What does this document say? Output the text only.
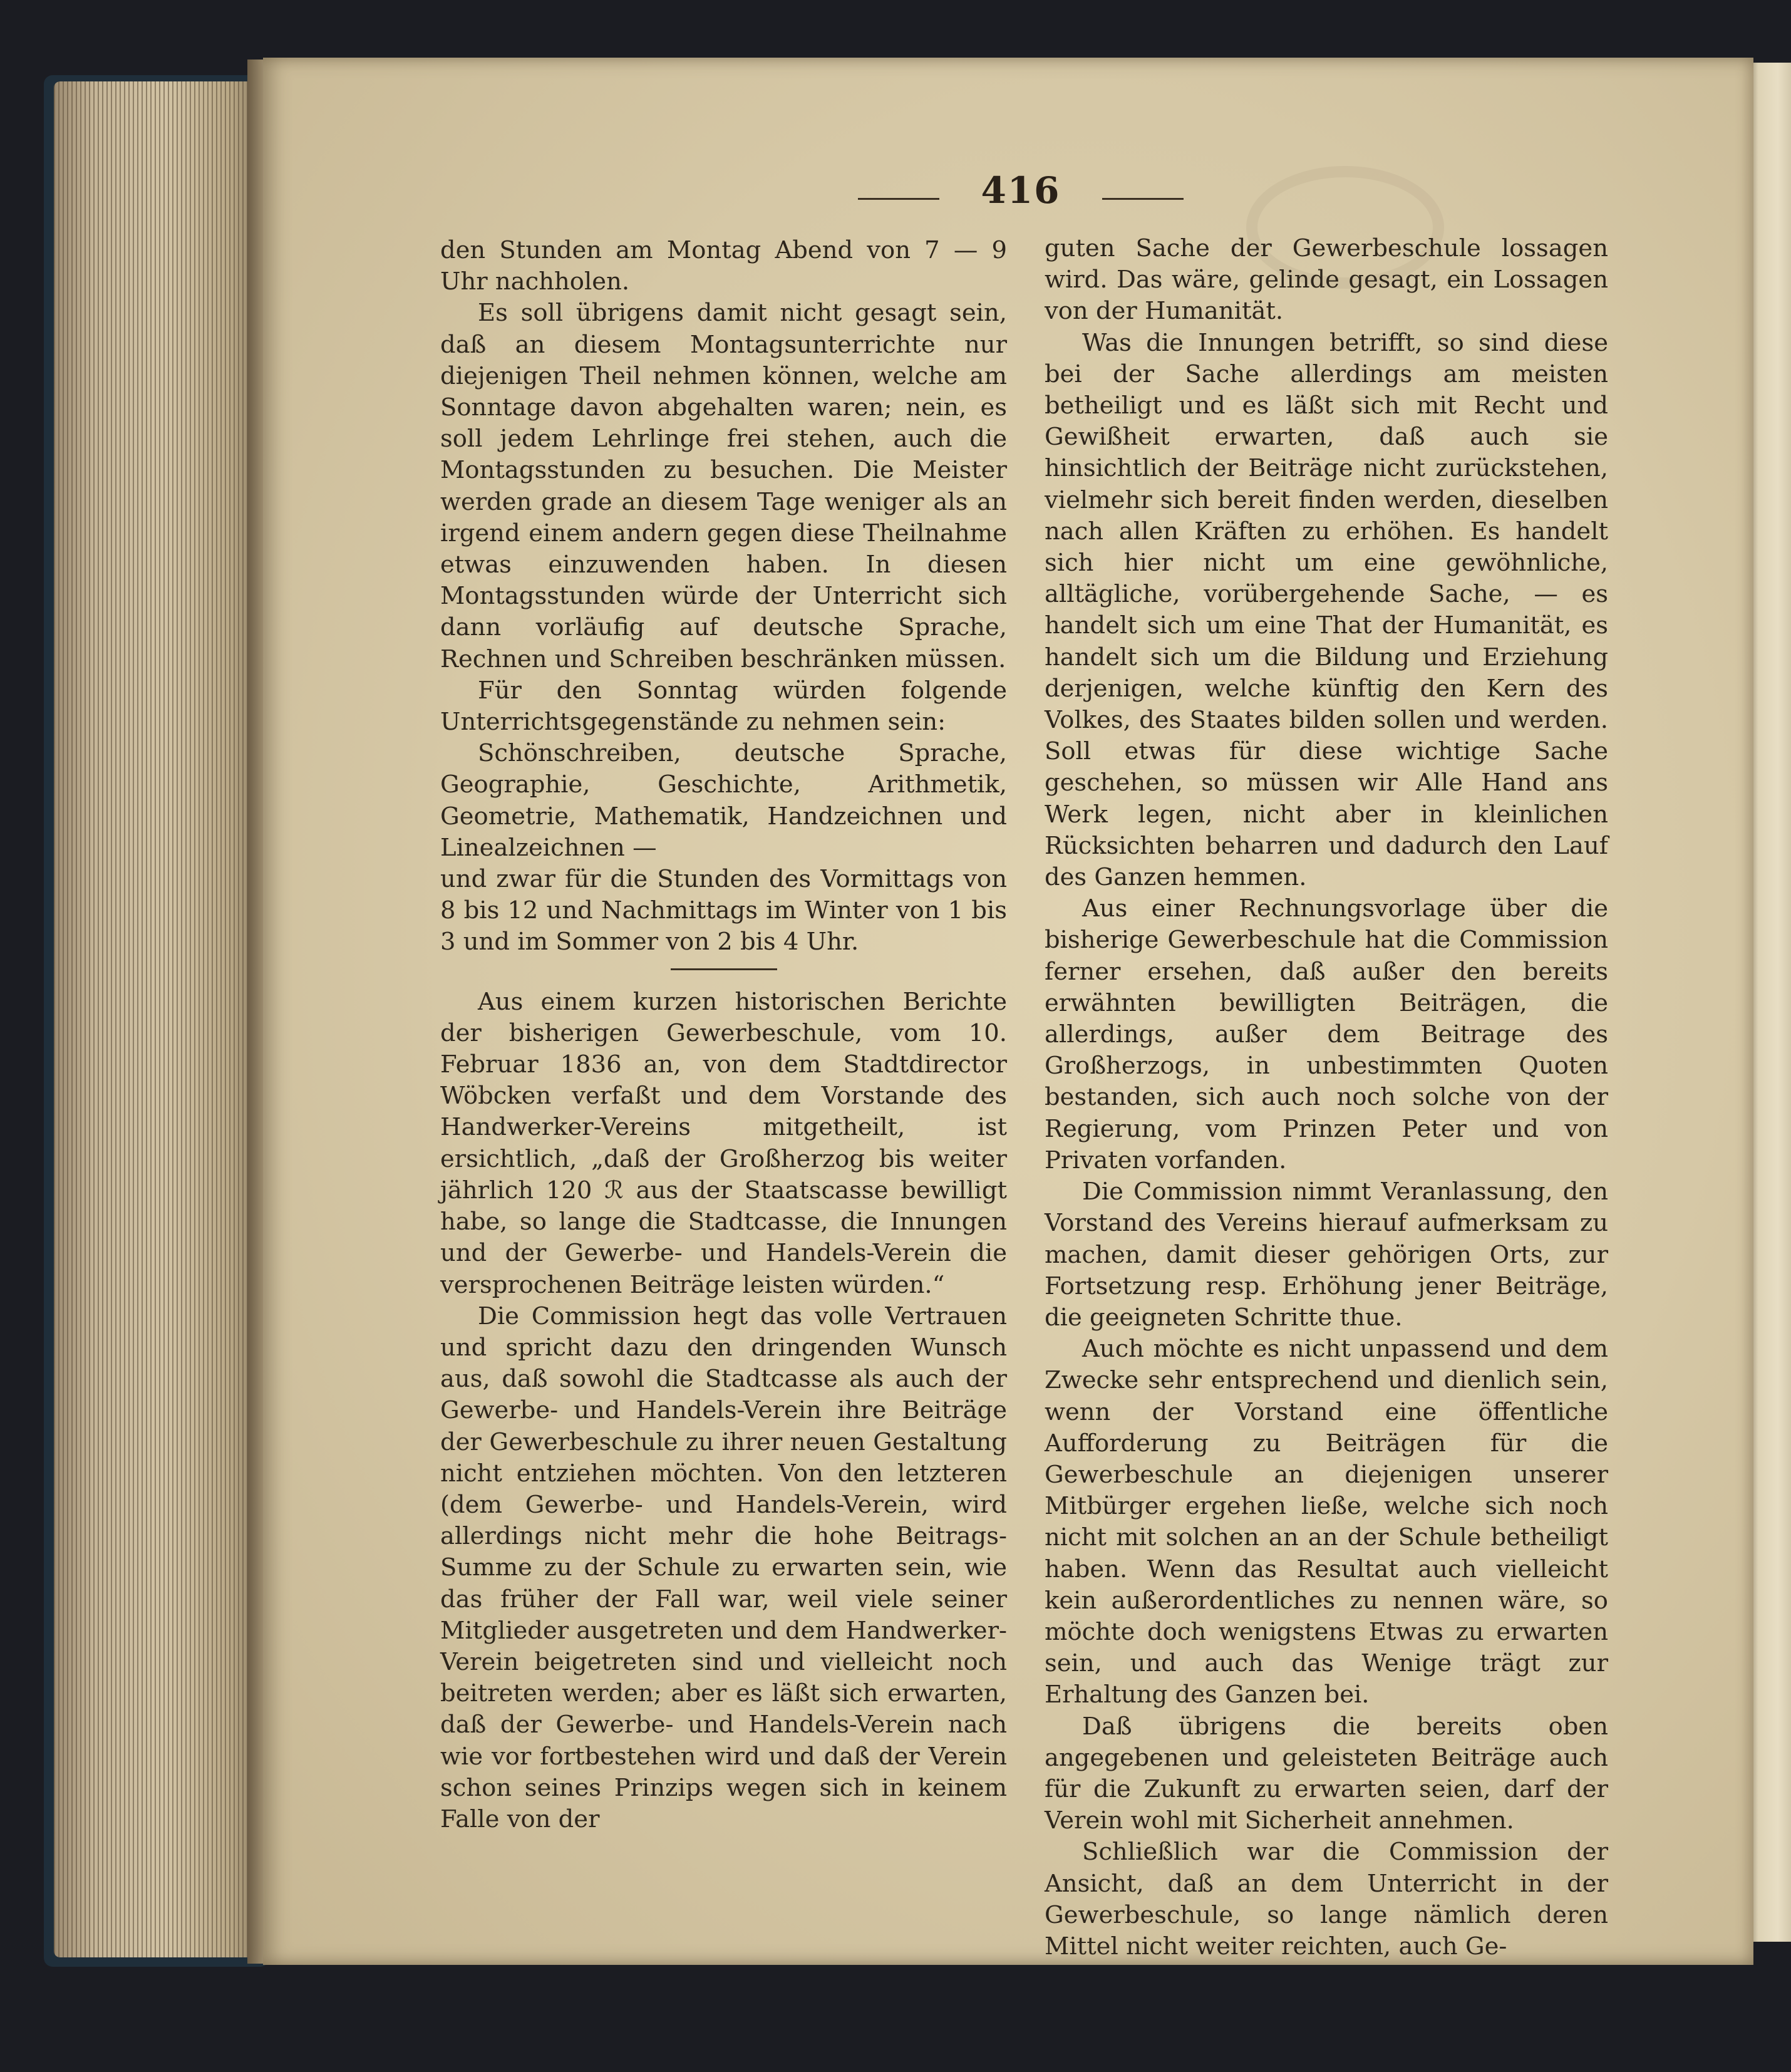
416

den Stunden am Montag Abend von 7 — 9 Uhr nachholen.

Es soll übrigens damit nicht gesagt sein, daß an diesem Montagsunterrichte nur diejenigen Theil nehmen können, welche am Sonntage davon abgehalten waren; nein, es soll jedem Lehrlinge frei stehen, auch die Montagsstunden zu besuchen. Die Meister werden grade an diesem Tage weniger als an irgend einem andern gegen diese Theilnahme etwas einzuwenden haben. In diesen Montagsstunden würde der Unterricht sich dann vorläufig auf deutsche Sprache, Rechnen und Schreiben beschränken müssen.

Für den Sonntag würden folgende Unterrichtsgegenstände zu nehmen sein:

Schönschreiben, deutsche Sprache, Geographie, Geschichte, Arithmetik, Geometrie, Mathematik, Handzeichnen und Linealzeichnen —

und zwar für die Stunden des Vormittags von 8 bis 12 und Nachmittags im Winter von 1 bis 3 und im Sommer von 2 bis 4 Uhr.

Aus einem kurzen historischen Berichte der bisherigen Gewerbeschule, vom 10. Februar 1836 an, von dem Stadtdirector Wöbcken verfaßt und dem Vorstande des Handwerker-Vereins mitgetheilt, ist ersichtlich, „daß der Großherzog bis weiter jährlich 120 ℛ aus der Staatscasse bewilligt habe, so lange die Stadtcasse, die Innungen und der Gewerbe- und Handels-Verein die versprochenen Beiträge leisten würden.“

Die Commission hegt das volle Vertrauen und spricht dazu den dringenden Wunsch aus, daß sowohl die Stadtcasse als auch der Gewerbe- und Handels-Verein ihre Beiträge der Gewerbeschule zu ihrer neuen Gestaltung nicht entziehen möchten. Von den letzteren (dem Gewerbe- und Handels-Verein, wird allerdings nicht mehr die hohe Beitrags-Summe zu der Schule zu erwarten sein, wie das früher der Fall war, weil viele seiner Mitglieder ausgetreten und dem Handwerker-Verein beigetreten sind und vielleicht noch beitreten werden; aber es läßt sich erwarten, daß der Gewerbe- und Handels-Verein nach wie vor fortbestehen wird und daß der Verein schon seines Prinzips wegen sich in keinem Falle von der

guten Sache der Gewerbeschule lossagen wird. Das wäre, gelinde gesagt, ein Lossagen von der Humanität.

Was die Innungen betrifft, so sind diese bei der Sache allerdings am meisten betheiligt und es läßt sich mit Recht und Gewißheit erwarten, daß auch sie hinsichtlich der Beiträge nicht zurückstehen, vielmehr sich bereit finden werden, dieselben nach allen Kräften zu erhöhen. Es handelt sich hier nicht um eine gewöhnliche, alltägliche, vorübergehende Sache, — es handelt sich um eine That der Humanität, es handelt sich um die Bildung und Erziehung derjenigen, welche künftig den Kern des Volkes, des Staates bilden sollen und werden. Soll etwas für diese wichtige Sache geschehen, so müssen wir Alle Hand ans Werk legen, nicht aber in kleinlichen Rücksichten beharren und dadurch den Lauf des Ganzen hemmen.

Aus einer Rechnungsvorlage über die bisherige Gewerbeschule hat die Commission ferner ersehen, daß außer den bereits erwähnten bewilligten Beiträgen, die allerdings, außer dem Beitrage des Großherzogs, in unbestimmten Quoten bestanden, sich auch noch solche von der Regierung, vom Prinzen Peter und von Privaten vorfanden.

Die Commission nimmt Veranlassung, den Vorstand des Vereins hierauf aufmerksam zu machen, damit dieser gehörigen Orts, zur Fortsetzung resp. Erhöhung jener Beiträge, die geeigneten Schritte thue.

Auch möchte es nicht unpassend und dem Zwecke sehr entsprechend und dienlich sein, wenn der Vorstand eine öffentliche Aufforderung zu Beiträgen für die Gewerbeschule an diejenigen unserer Mitbürger ergehen ließe, welche sich noch nicht mit solchen an an der Schule betheiligt haben. Wenn das Resultat auch vielleicht kein außerordentliches zu nennen wäre, so möchte doch wenigstens Etwas zu erwarten sein, und auch das Wenige trägt zur Erhaltung des Ganzen bei.

Daß übrigens die bereits oben angegebenen und geleisteten Beiträge auch für die Zukunft zu erwarten seien, darf der Verein wohl mit Sicherheit annehmen.

Schließlich war die Commission der Ansicht, daß an dem Unterricht in der Gewerbeschule, so lange nämlich deren Mittel nicht weiter reichten, auch Ge-
